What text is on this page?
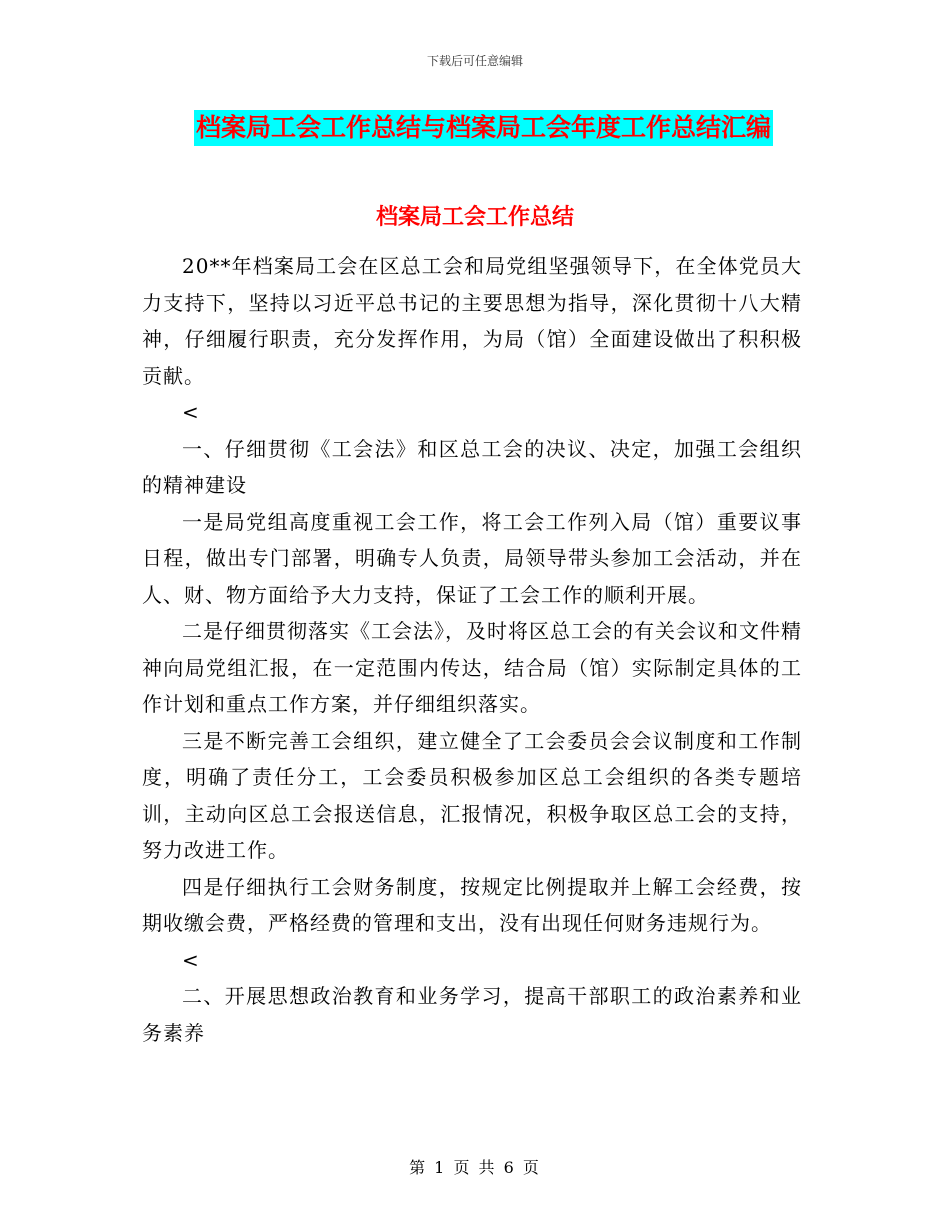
下载后可任意编辑
档案局工会工作总结与档案局工会年度工作总结汇编
档案局工会工作总结

20**年档案局工会在区总工会和局党组坚强领导下，在全体党员大力支持下，坚持以习近平总书记的主要思想为指导，深化贯彻十八大精神，仔细履行职责，充分发挥作用，为局（馆）全面建设做出了积积极贡献。

<

一、仔细贯彻《工会法》和区总工会的决议、决定，加强工会组织的精神建设

一是局党组高度重视工会工作，将工会工作列入局（馆）重要议事日程，做出专门部署，明确专人负责，局领导带头参加工会活动，并在人、财、物方面给予大力支持，保证了工会工作的顺利开展。

二是仔细贯彻落实《工会法》，及时将区总工会的有关会议和文件精神向局党组汇报，在一定范围内传达，结合局（馆）实际制定具体的工作计划和重点工作方案，并仔细组织落实。

三是不断完善工会组织，建立健全了工会委员会会议制度和工作制度，明确了责任分工，工会委员积极参加区总工会组织的各类专题培训，主动向区总工会报送信息，汇报情况，积极争取区总工会的支持，努力改进工作。

四是仔细执行工会财务制度，按规定比例提取并上解工会经费，按期收缴会费，严格经费的管理和支出，没有出现任何财务违规行为。

<

二、开展思想政治教育和业务学习，提高干部职工的政治素养和业务素养

第 1 页 共 6 页
